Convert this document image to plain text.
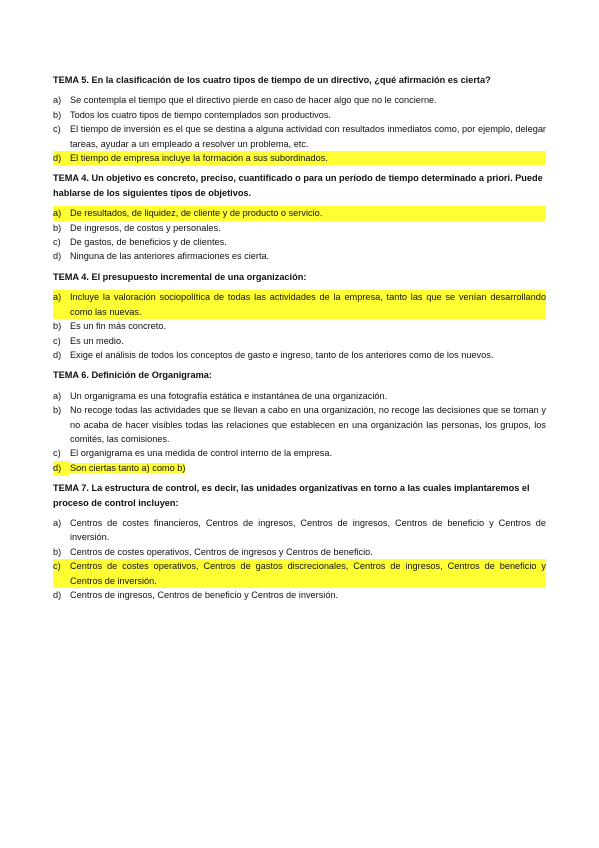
TEMA 5. En la clasificación de los cuatro tipos de tiempo de un directivo, ¿qué afirmación es cierta?
a) Se contempla el tiempo que el directivo pierde en caso de hacer algo que no le concierne.
b) Todos los cuatro tipos de tiempo contemplados son productivos.
c)	El tiempo de inversión es el que se destina a alguna actividad con resultados inmediatos como, por ejemplo, delegar tareas, ayudar a un empleado a resolver un problema, etc.
d) El tiempo de empresa incluye la formación a sus subordinados.
TEMA 4. Un objetivo es concreto, preciso, cuantificado o para un período de tiempo determinado a priori. Puede hablarse de los siguientes tipos de objetivos.
a) De resultados, de liquidez, de cliente y de producto o servicio.
b) De ingresos, de costos y personales.
c)	De gastos, de beneficios y de clientes.
d) Ninguna de las anteriores afirmaciones es cierta.
TEMA 4. El presupuesto incremental de una organización:
a) Incluye la valoración sociopolítica de todas las actividades de la empresa, tanto las que se venían desarrollando como las nuevas.
b) Es un fin más concreto.
c)	Es un medio.
d) Exige el análisis de todos los conceptos de gasto e ingreso, tanto de los anteriores como de los nuevos.
TEMA 6. Definición de Organigrama:
a) Un organigrama es una fotografía estática e instantánea de una organización.
b) No recoge todas las actividades que se llevan a cabo en una organización, no recoge las decisiones que se toman y no acaba de hacer visibles todas las relaciones que establecen en una organización las personas, los grupos, los comités, las comisiones.
c)	El organigrama es una medida de control interno de la empresa.
d) Son ciertas tanto a) como b)
TEMA 7. La estructura de control, es decir, las unidades organizativas en torno a las cuales implantaremos el proceso de control incluyen:
a) Centros de costes financieros, Centros de ingresos, Centros de ingresos, Centros de beneficio y Centros de inversión.
b) Centros de costes operativos, Centros de ingresos y Centros de beneficio.
c)	Centros de costes operativos, Centros de gastos discrecionales, Centros de ingresos, Centros de beneficio y Centros de inversión.
d) Centros de ingresos, Centros de beneficio y Centros de inversión.
